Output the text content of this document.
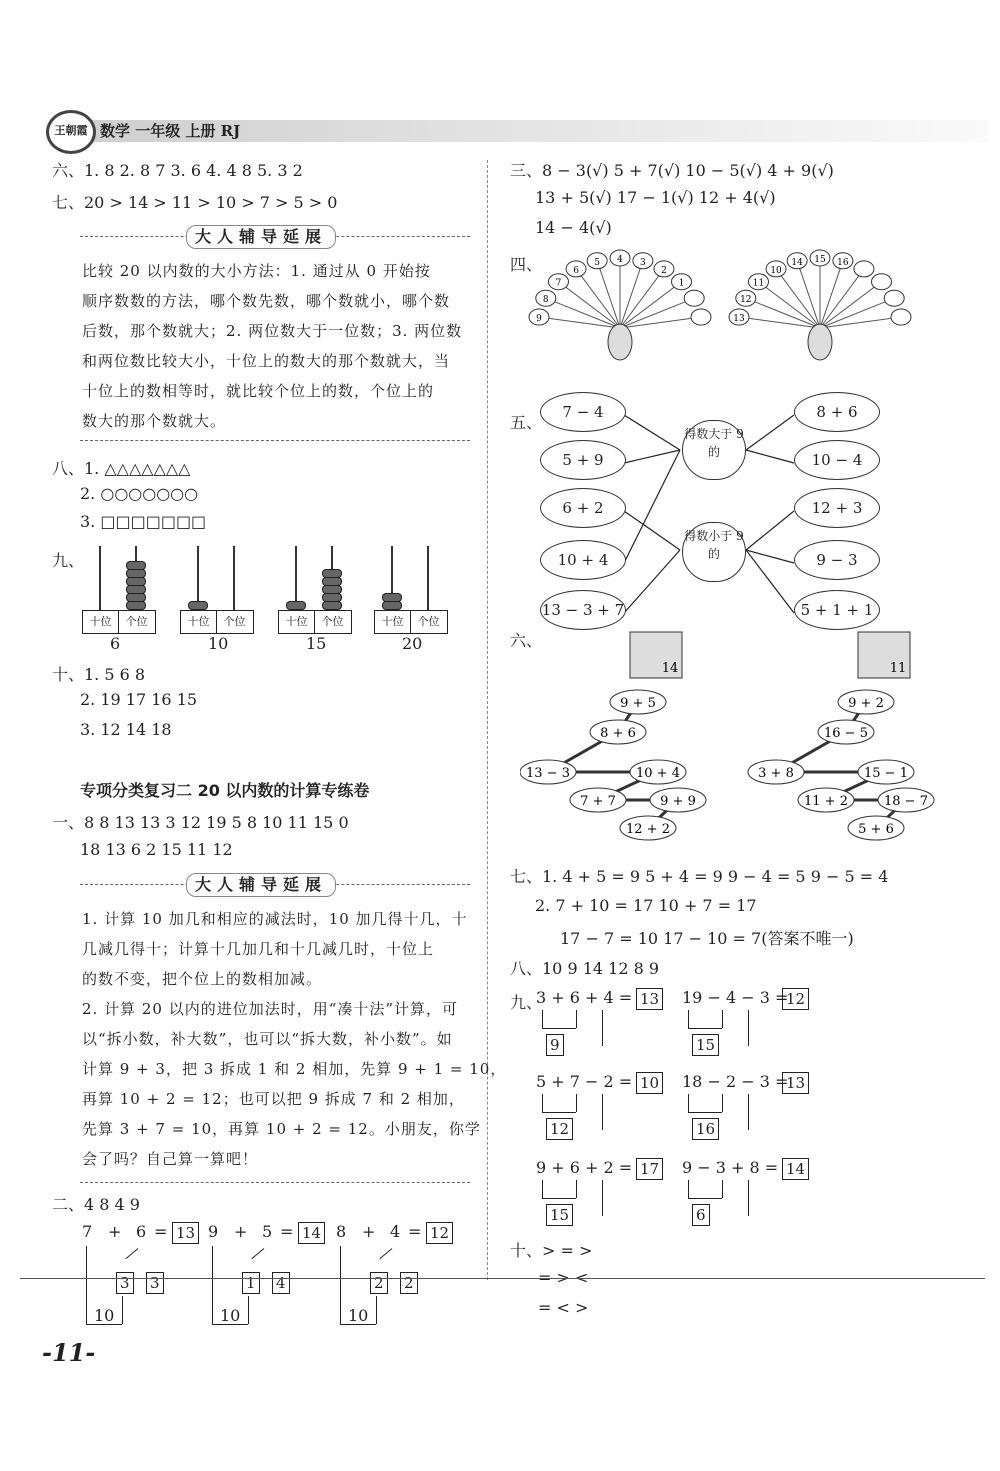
王朝霞 数学 一年级 上册 RJ
六、1. 8 2. 8 7 3. 6 4. 4 8 5. 3 2
七、20 > 14 > 11 > 10 > 7 > 5 > 0
大人辅导延展
比较 20 以内数的大小方法：1. 通过从 0 开始按
顺序数数的方法，哪个数先数，哪个数就小，哪个数
后数，那个数就大；2. 两位数大于一位数；3. 两位数
和两位数比较大小，十位上的数大的那个数就大，当
十位上的数相等时，就比较个位上的数，个位上的
数大的那个数就大。
八、1. △△△△△△△
2. ○○○○○○○
3. □□□□□□□
九、
十位 个位
6
十位 个位
10
十位 个位
15
十位 个位
20
十、1. 5 6 8
2. 19 17 16 15
3. 12 14 18
专项分类复习二 20 以内数的计算专练卷
一、8 8 13 13 3 12 19 5 8 10 11 15 0
18 13 6 2 15 11 12
大人辅导延展
1. 计算 10 加几和相应的减法时，10 加几得十几，十
几减几得十；计算十几加几和十几减几时，十位上
的数不变，把个位上的数相加减。
2. 计算 20 以内的进位加法时，用“凑十法”计算，可
以“拆小数，补大数”，也可以“拆大数，补小数”。如
计算 9 + 3，把 3 拆成 1 和 2 相加，先算 9 + 1 = 10，
再算 10 + 2 = 12；也可以把 9 拆成 7 和 2 相加，
先算 3 + 7 = 10，再算 10 + 2 = 12。小朋友，你学
会了吗？自己算一算吧！
二、4 8 4 9
7 + 6 = 13
3 3
10
9 + 5 = 14
1 4
10
8 + 4 = 12
2 2
10
-11-
三、8 − 3(√) 5 + 7(√) 10 − 5(√) 4 + 9(√)
13 + 5(√) 17 − 1(√) 12 + 4(√)
14 − 4(√)
四、
9
8
7
6
5 4 3
2
1
13
12
11
10
14 15 16
五、
7 − 4
5 + 9
6 + 2
10 + 4
13 − 3 + 7
8 + 6
10 − 4
12 + 3
9 − 3
5 + 1 + 1
得数大于 9 的
得数小于 9 的
六、
14
9 + 5
8 + 6
13 − 3	10 + 4
7 + 7	9 + 9
12 + 2
11
9 + 2
16 − 5
3 + 8	15 − 1
11 + 2	18 − 7
5 + 6
七、1. 4 + 5 = 9 5 + 4 = 9 9 − 4 = 5 9 − 5 = 4
2. 7 + 10 = 17 10 + 7 = 17
17 − 7 = 10 17 − 10 = 7(答案不唯一)
八、10 9 14 12 8 9
九、
3 + 6 + 4 = 13
9
19 − 4 − 3 =
12
15
5 + 7 − 2 = 10
12
18 − 2 − 3 =
13
16
9 + 6 + 2 = 17
15
9 − 3 + 8 = 14
6
十、> = >
= > <
= < >
